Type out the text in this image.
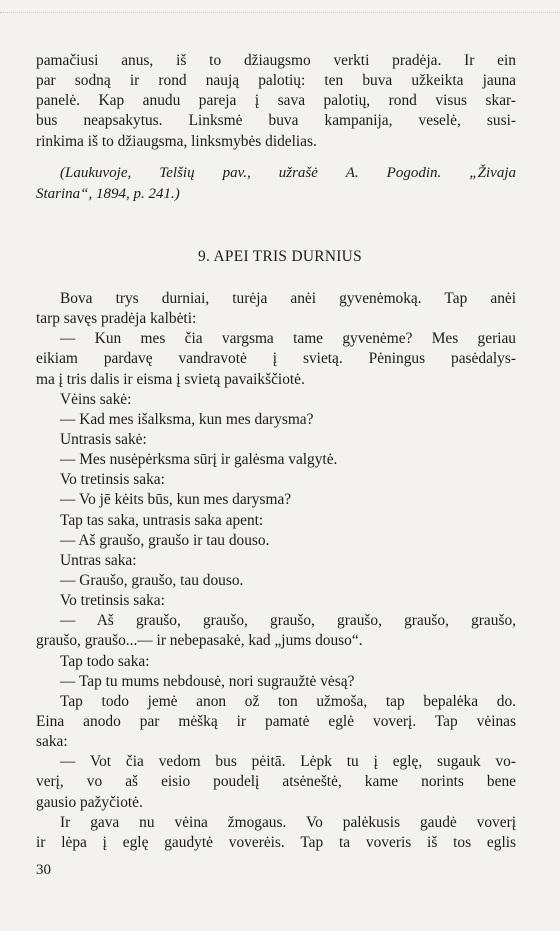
pamačiusi anus, iš to džiaugsmo verkti pradėja. Ir ein
par sodną ir rond naują palotių: ten buva užkeikta jauna
panelė. Kap anudu pareja į sava palotių, rond visus skar-
bus neapsakytus. Linksmė buva kampanija, veselė, susi-
rinkima iš to džiaugsma, linksmybės didelias.
(Laukuvoje, Telšių pav., užrašė A. Pogodin. „Živaja
Starina“, 1894, p. 241.)
9. APEI TRIS DURNIUS
Bova trys durniai, turėja anėi gyvenėmoką. Tap anėi
tarp savęs pradėja kalbėti:
— Kun mes čia vargsma tame gyvenėme? Mes geriau
eikiam pardavę vandravotė į svietą. Pėningus pasėdalys-
ma į tris dalis ir eisma į svietą pavaikščiotė.
Vėins sakė:
— Kad mes išalksma, kun mes darysma?
Untrasis sakė:
— Mes nusėpėrksma sūrį ir galėsma valgytė.
Vo tretinsis saka:
— Vo jē kėits būs, kun mes darysma?
Tap tas saka, untrasis saka apent:
— Aš graušo, graušo ir tau douso.
Untras saka:
— Graušo, graušo, tau douso.
Vo tretinsis saka:
— Aš graušo, graušo, graušo, graušo, graušo, graušo,
graušo, graušo...— ir nebepasakė, kad „jums douso“.
Tap todo saka:
— Tap tu mums nebdousė, nori sugraužtė vėsą?
Tap todo jemė anon ož ton užmoša, tap bepalėka do.
Eina anodo par mėšką ir pamatė eglė voverį. Tap vėinas
saka:
— Vot čia vedom bus pėitā. Lėpk tu į eglę, sugauk vo-
verį, vo aš eisio poudelį atsėneštė, kame norints bene
gausio pažyčiotė.
Ir gava nu vėina žmogaus. Vo palėkusis gaudė voverį
ir lėpa į eglę gaudytė voverėis. Tap ta voveris iš tos eglis
30
